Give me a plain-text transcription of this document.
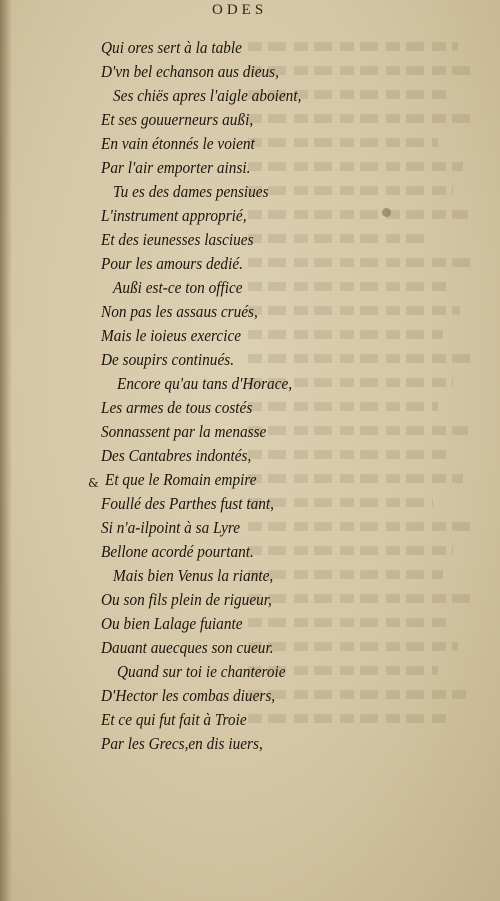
ODES
Qui ores sert à la table
D'vn bel echanson aus dieus,
Ses chiës apres l'aigle aboient,
Et ses gouuerneurs außi,
En vain étonnés le voient
Par l'air emporter ainsi.
Tu es des dames pensiues
L'instrument approprié,
Et des ieunesses lasciues
Pour les amours dedié.
Außi est-ce ton office
Non pas les assaus crués,
Mais le ioieus exercice
De soupirs continués.
Encore qu'au tans d'Horace,
Les armes de tous costés
Sonnassent par la menasse
Des Cantabres indontés,
Et que le Romain empire
Foullé des Parthes fust tant,
Si n'a-ilpoint à sa Lyre
Bellone acordé pourtant.
Mais bien Venus la riante,
Ou son fils plein de rigueur,
Ou bien Lalage fuiante
Dauant auecques son cueur.
Quand sur toi ie chanteroie
D'Hector les combas diuers,
Et ce qui fut fait à Troie
Par les Grecs,en dis iuers,
&
